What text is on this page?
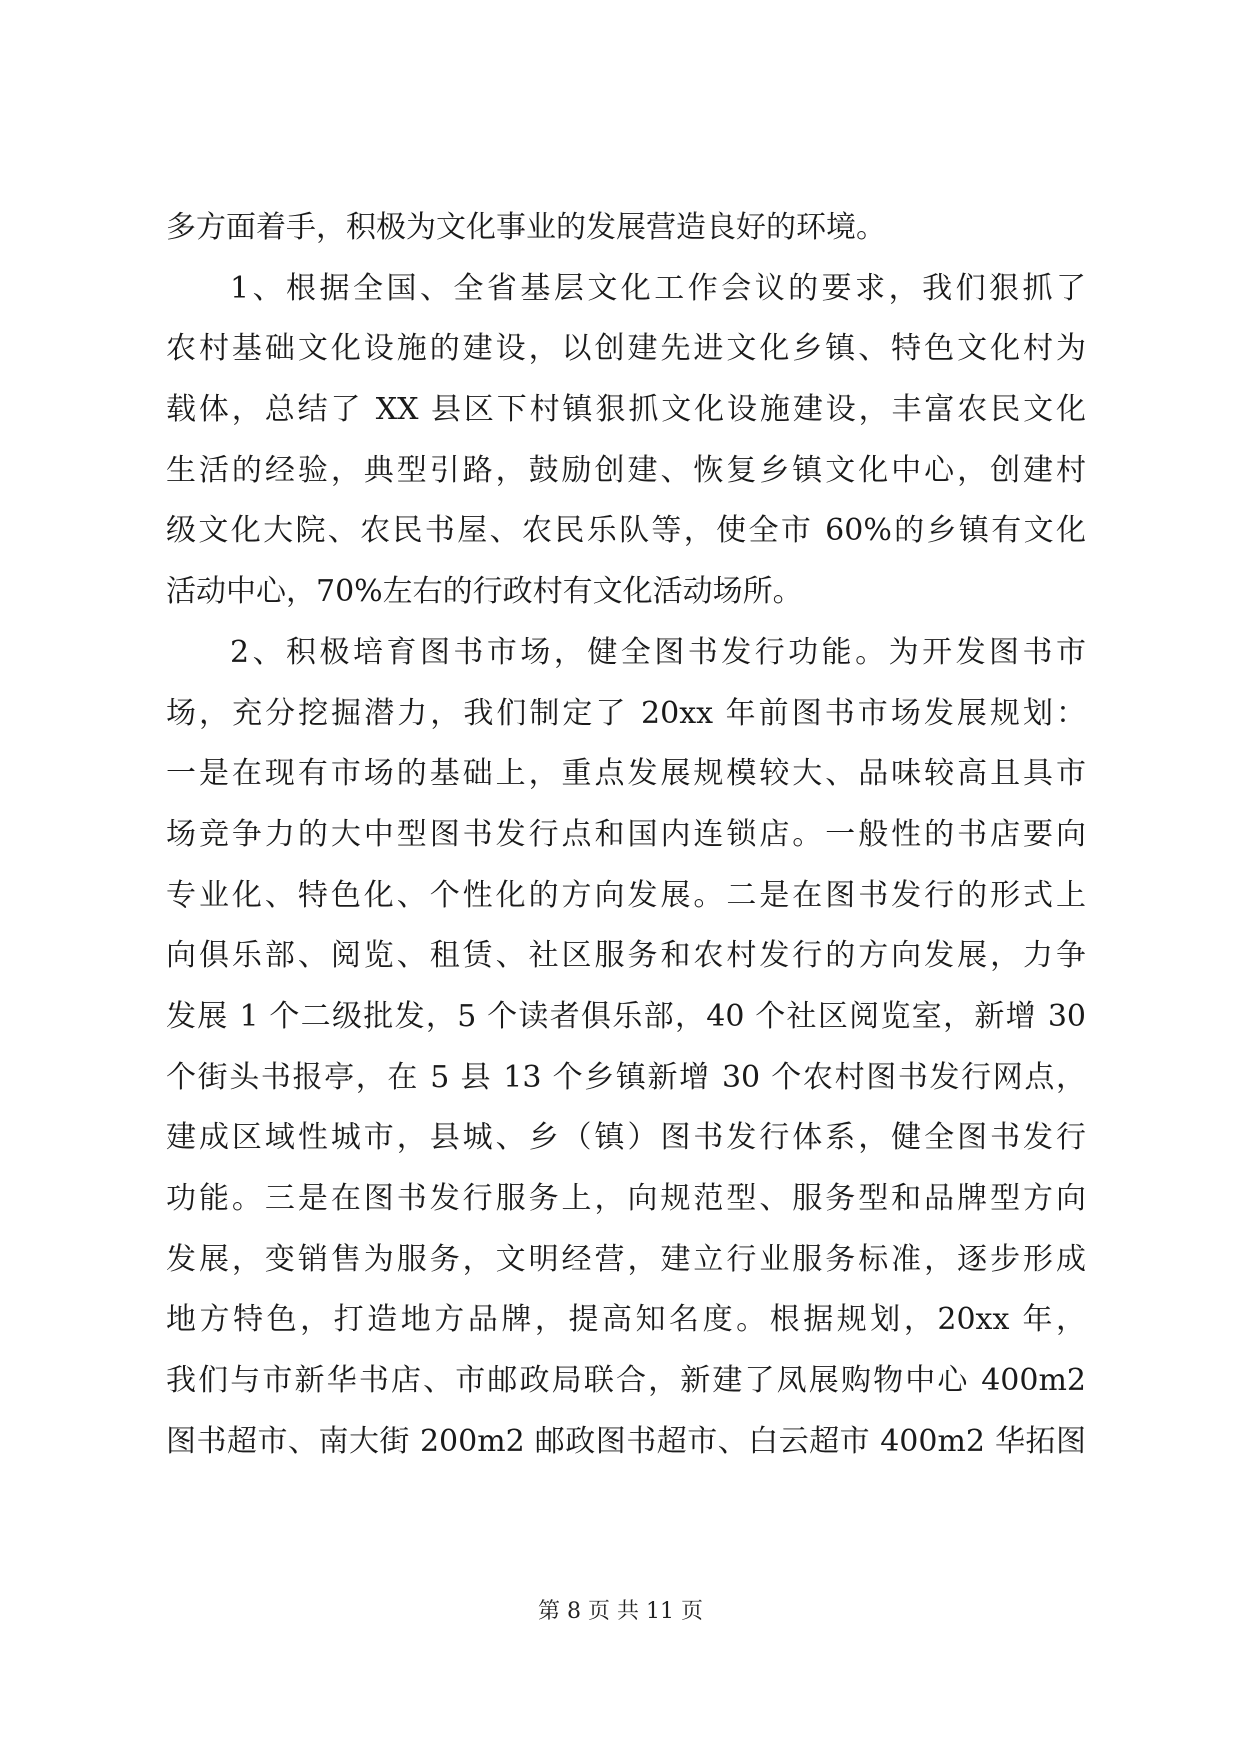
多方面着手，积极为文化事业的发展营造良好的环境。
1、根据全国、全省基层文化工作会议的要求，我们狠抓了
农村基础文化设施的建设，以创建先进文化乡镇、特色文化村为
载体，总结了 XX 县区下村镇狠抓文化设施建设，丰富农民文化
生活的经验，典型引路，鼓励创建、恢复乡镇文化中心，创建村
级文化大院、农民书屋、农民乐队等，使全市 60%的乡镇有文化
活动中心，70%左右的行政村有文化活动场所。
2、积极培育图书市场，健全图书发行功能。为开发图书市
场，充分挖掘潜力，我们制定了 20xx 年前图书市场发展规划：
一是在现有市场的基础上，重点发展规模较大、品味较高且具市
场竞争力的大中型图书发行点和国内连锁店。一般性的书店要向
专业化、特色化、个性化的方向发展。二是在图书发行的形式上
向俱乐部、阅览、租赁、社区服务和农村发行的方向发展，力争
发展 1 个二级批发，5 个读者俱乐部，40 个社区阅览室，新增 30
个街头书报亭，在 5 县 13 个乡镇新增 30 个农村图书发行网点，
建成区域性城市，县城、乡（镇）图书发行体系，健全图书发行
功能。三是在图书发行服务上，向规范型、服务型和品牌型方向
发展，变销售为服务，文明经营，建立行业服务标准，逐步形成
地方特色，打造地方品牌，提高知名度。根据规划，20xx 年，
我们与市新华书店、市邮政局联合，新建了凤展购物中心 400m2
图书超市、南大街 200m2 邮政图书超市、白云超市 400m2 华拓图
第 8 页 共 11 页
